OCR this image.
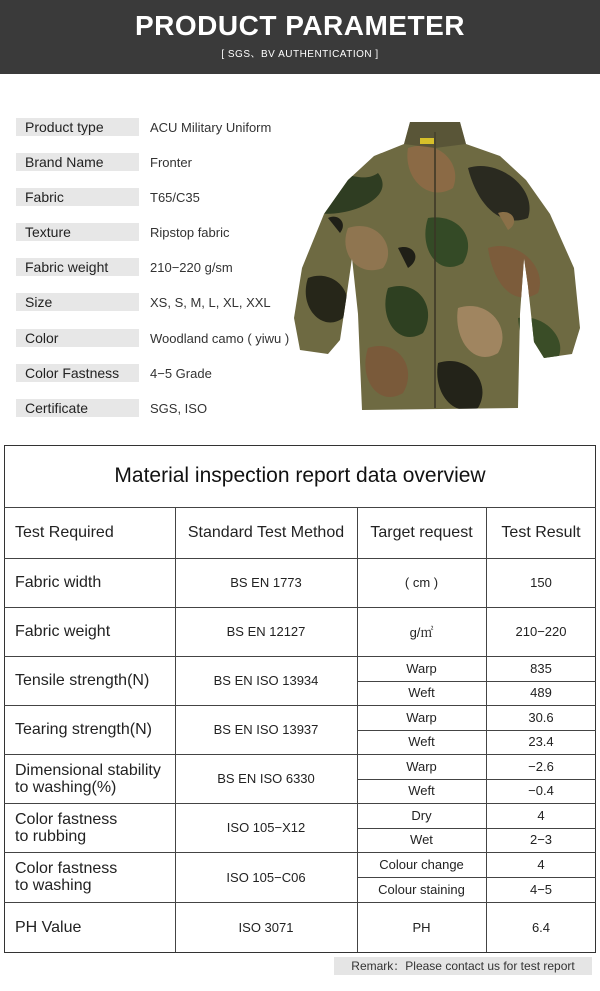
PRODUCT PARAMETER
[ SGS、BV AUTHENTICATION ]
Product type	ACU Military Uniform
Brand Name	Fronter
Fabric	T65/C35
Texture	Ripstop fabric
Fabric weight	210−220 g/sm
Size	XS, S, M, L, XL, XXL
Color	Woodland camo ( yiwu )
Color Fastness	4−5 Grade
Certificate	SGS, ISO
Material inspection report data overview
Test Required	Standard Test Method	Target request	Test Result
Fabric width	BS EN 1773	( cm )	150
Fabric weight	BS EN 12127	g/㎡	210−220
Tensile strength(N)	BS EN ISO 13934
Warp	835
Weft	489
Tearing strength(N)	BS EN ISO 13937
Warp	30.6
Weft	23.4
Dimensional stability
to washing(%)	BS EN ISO 6330
Warp	−2.6
Weft	−0.4
Color fastness
to rubbing	ISO 105−X12
Dry	4
Wet	2−3
Color fastness
to washing	ISO 105−C06
Colour change	4
Colour staining	4−5
PH Value	ISO 3071	PH	6.4
Remark：Please contact us for test report
